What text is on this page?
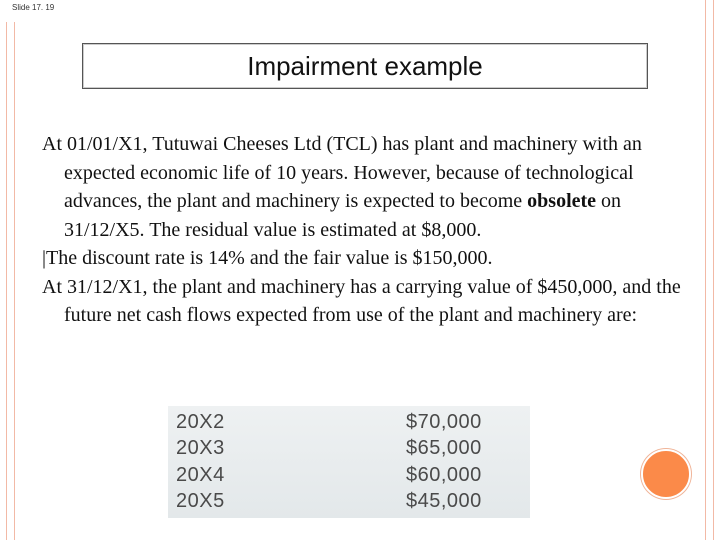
Slide 17. 19
Impairment example

At 01/01/X1, Tutuwai Cheeses Ltd (TCL) has plant and machinery with an expected economic life of 10 years. However, because of technological advances, the plant and machinery is expected to become obsolete on 31/12/X5. The residual value is estimated at $8,000.

|The discount rate is 14% and the fair value is $150,000.

At 31/12/X1, the plant and machinery has a carrying value of $450,000, and the future net cash flows expected from use of the plant and machinery are:

20X2	$70,000
20X3	$65,000
20X4	$60,000
20X5	$45,000
